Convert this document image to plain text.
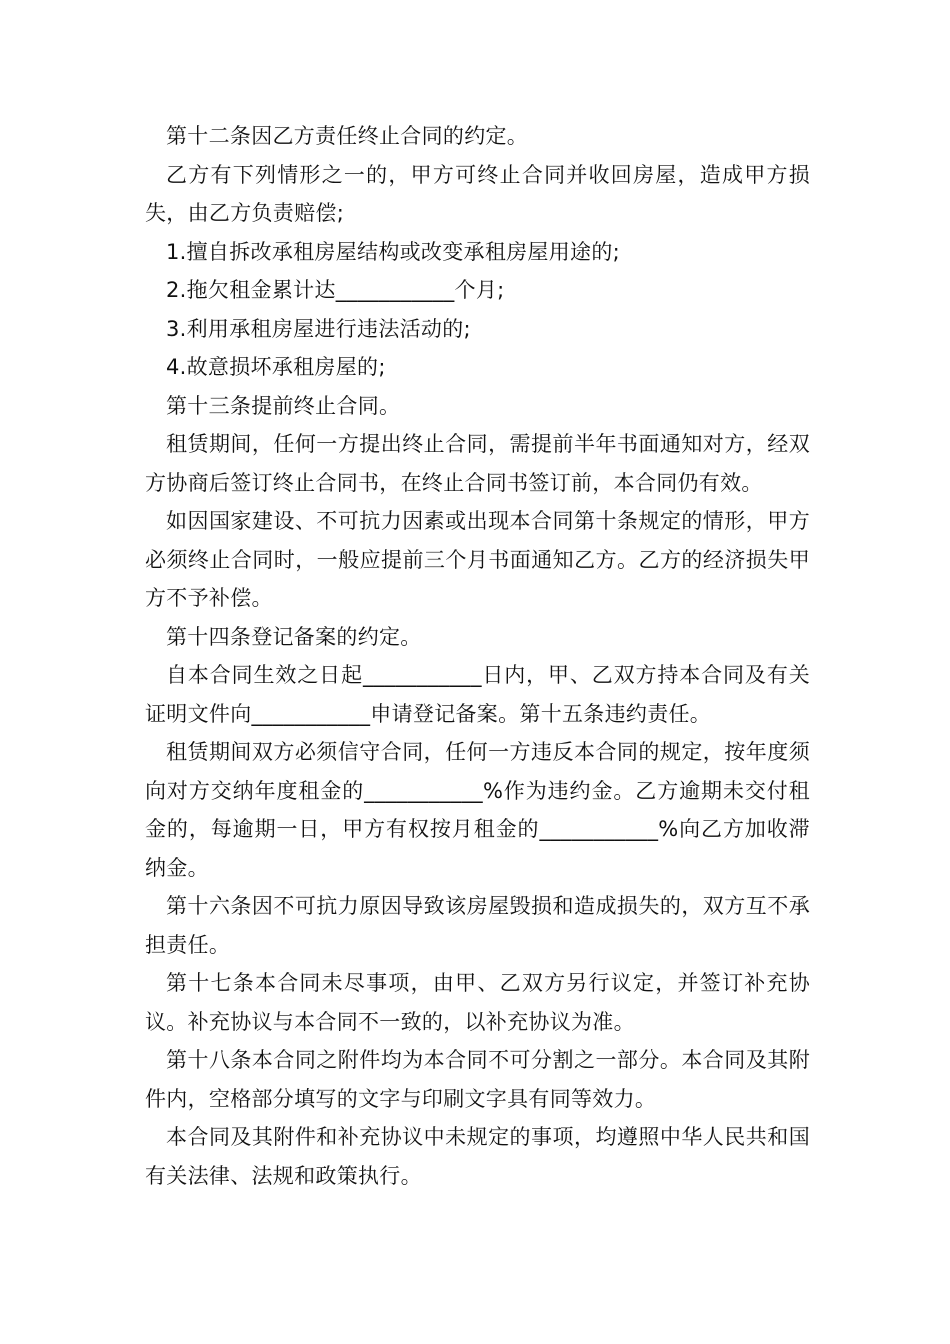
第十二条因乙方责任终止合同的约定。

乙方有下列情形之一的，甲方可终止合同并收回房屋，造成甲方损失，由乙方负责赔偿;

1.擅自拆改承租房屋结构或改变承租房屋用途的;

2.拖欠租金累计达___________个月;

3.利用承租房屋进行违法活动的;

4.故意损坏承租房屋的;

第十三条提前终止合同。

租赁期间，任何一方提出终止合同，需提前半年书面通知对方，经双方协商后签订终止合同书，在终止合同书签订前，本合同仍有效。

如因国家建设、不可抗力因素或出现本合同第十条规定的情形，甲方必须终止合同时，一般应提前三个月书面通知乙方。乙方的经济损失甲方不予补偿。

第十四条登记备案的约定。

自本合同生效之日起___________日内，甲、乙双方持本合同及有关证明文件向___________申请登记备案。第十五条违约责任。

租赁期间双方必须信守合同，任何一方违反本合同的规定，按年度须向对方交纳年度租金的___________%作为违约金。乙方逾期未交付租金的，每逾期一日，甲方有权按月租金的___________%向乙方加收滞纳金。

第十六条因不可抗力原因导致该房屋毁损和造成损失的，双方互不承担责任。

第十七条本合同未尽事项，由甲、乙双方另行议定，并签订补充协议。补充协议与本合同不一致的，以补充协议为准。

第十八条本合同之附件均为本合同不可分割之一部分。本合同及其附件内，空格部分填写的文字与印刷文字具有同等效力。

本合同及其附件和补充协议中未规定的事项，均遵照中华人民共和国有关法律、法规和政策执行。
